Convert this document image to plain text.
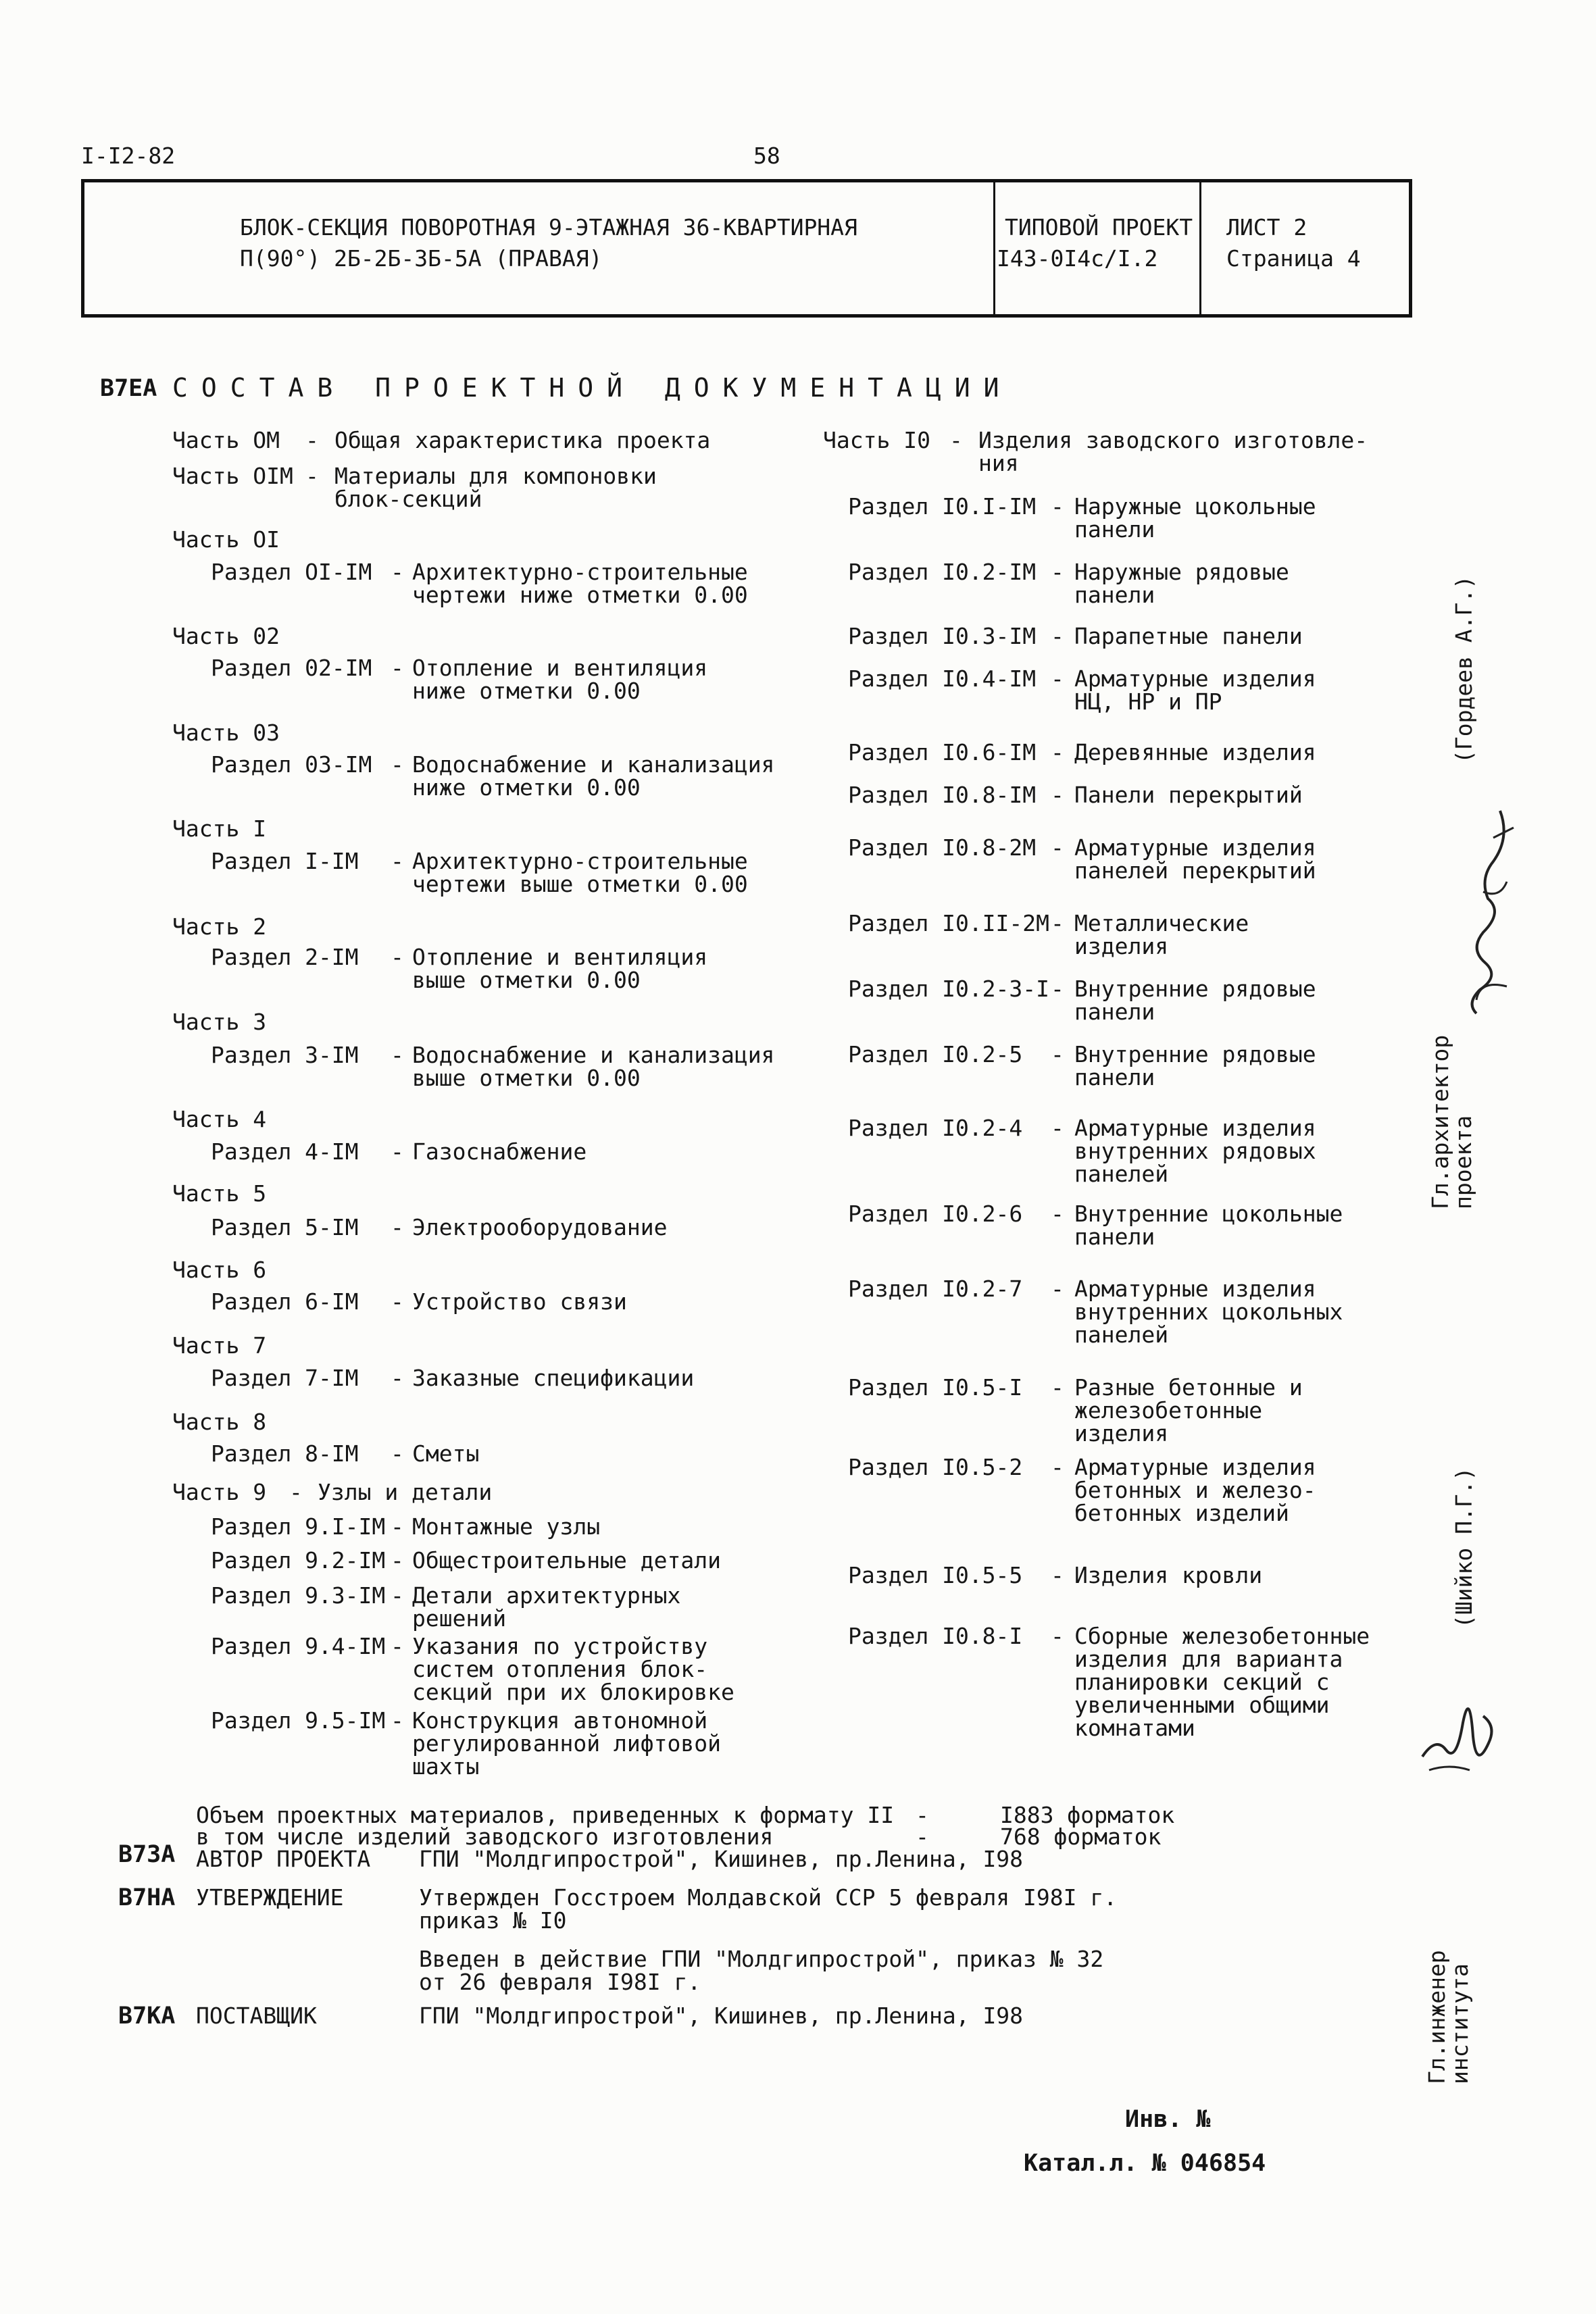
I-I2-82	58
БЛОК-СЕКЦИЯ ПОВОРОТНАЯ 9-ЭТАЖНАЯ 36-КВАРТИРНАЯ
П(90°) 2Б-2Б-3Б-5А (ПРАВАЯ)
ТИПОВОЙ ПРОЕКТ
I43-0I4с/I.2
ЛИСТ 2
Страница 4
В7ЕА СОСТАВ ПРОЕКТНОЙ ДОКУМЕНТАЦИИ
Часть ОМ - Общая характеристика проекта
Часть ОIМ - Материалы для компоновки
блок-секций
Часть ОI
Раздел ОI-IМ - Архитектурно-строительные
чертежи ниже отметки 0.00
Часть 02
Раздел 02-IМ - Отопление и вентиляция
ниже отметки 0.00
Часть 03
Раздел 03-IМ - Водоснабжение и канализация
ниже отметки 0.00
Часть I
Раздел I-IМ - Архитектурно-строительные
чертежи выше отметки 0.00
Часть 2
Раздел 2-IМ - Отопление и вентиляция
выше отметки 0.00
Часть 3
Раздел 3-IМ - Водоснабжение и канализация
выше отметки 0.00
Часть 4
Раздел 4-IМ - Газоснабжение
Часть 5
Раздел 5-IМ - Электрооборудование
Часть 6
Раздел 6-IМ - Устройство связи
Часть 7
Раздел 7-IМ - Заказные спецификации
Часть 8
Раздел 8-IМ - Сметы
Часть 9 - Узлы и детали
Раздел 9.I-IМ - Монтажные узлы
Раздел 9.2-IМ - Общестроительные детали
Раздел 9.3-IМ - Детали архитектурных
решений
Раздел 9.4-IМ - Указания по устройству
систем отопления блок-
секций при их блокировке
Раздел 9.5-IМ - Конструкция автономной
регулированной лифтовой
шахты
Часть I0 - Изделия заводского изготовле-
ния
Раздел I0.I-IМ - Наружные цокольные
панели
Раздел I0.2-IМ - Наружные рядовые
панели
Раздел I0.3-IМ - Парапетные панели
Раздел I0.4-IМ - Арматурные изделия
НЦ, НР и ПР
Раздел I0.6-IМ - Деревянные изделия
Раздел I0.8-IМ - Панели перекрытий
Раздел I0.8-2М - Арматурные изделия
панелей перекрытий
Раздел I0.II-2М - Металлические
изделия
Раздел I0.2-3-I - Внутренние рядовые
панели
Раздел I0.2-5 - Внутренние рядовые
панели
Раздел I0.2-4 - Арматурные изделия
внутренних рядовых
панелей
Раздел I0.2-6 - Внутренние цокольные
панели
Раздел I0.2-7 - Арматурные изделия
внутренних цокольных
панелей
Раздел I0.5-I - Разные бетонные и
железобетонные
изделия
Раздел I0.5-2 - Арматурные изделия
бетонных и железо-
бетонных изделий
Раздел I0.5-5 - Изделия кровли
Раздел I0.8-I - Сборные железобетонные
изделия для варианта
планировки секций с
увеличенными общими
комнатами
Объем проектных материалов, приведенных к формату II -	I883 форматок
в том числе изделий заводского изготовления	-	768 форматок
В7ЗА АВТОР ПРОЕКТА ГПИ "Молдгипрострой", Кишинев, пр.Ленина, I98
В7НА УТВЕРЖДЕНИЕ	Утвержден Госстроем Молдавской ССР 5 февраля I98I г.
приказ № I0
Введен в действие ГПИ "Молдгипрострой", приказ № 32
от 26 февраля I98I г.
В7КА ПОСТАВЩИК	ГПИ "Молдгипрострой", Кишинев, пр.Ленина, I98
Инв. №
Катал.л. № 046854
Гл.архитектор
проекта
(Гордеев А.Г.)
Гл.инженер
института
(Шийко П.Г.)
